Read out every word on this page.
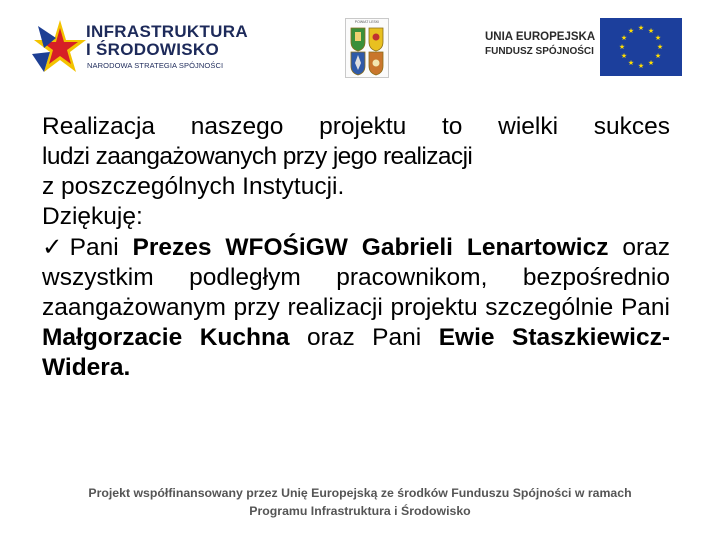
INFRASTRUKTURA
I ŚRODOWISKO
NARODOWA STRATEGIA SPÓJNOŚCI
POWIAT LESKI
UNIA EUROPEJSKA
FUNDUSZ SPÓJNOŚCI
★ ★
★
★
★
★
★
★
★
★
★
★

Realizacja naszego projektu to wielki sukces

ludzi zaangażowanych przy jego realizacji

z poszczególnych Instytucji.

Dziękuję:

✓Pani Prezes WFOŚiGW Gabrieli Lenartowicz oraz wszystkim podległym pracownikom, bezpośrednio zaangażowanym przy realizacji projektu szczególnie Pani Małgorzacie Kuchna oraz Pani Ewie Staszkiewicz-Widera.

Projekt współfinansowany przez Unię Europejską ze środków Funduszu Spójności w ramach
Programu Infrastruktura i Środowisko
